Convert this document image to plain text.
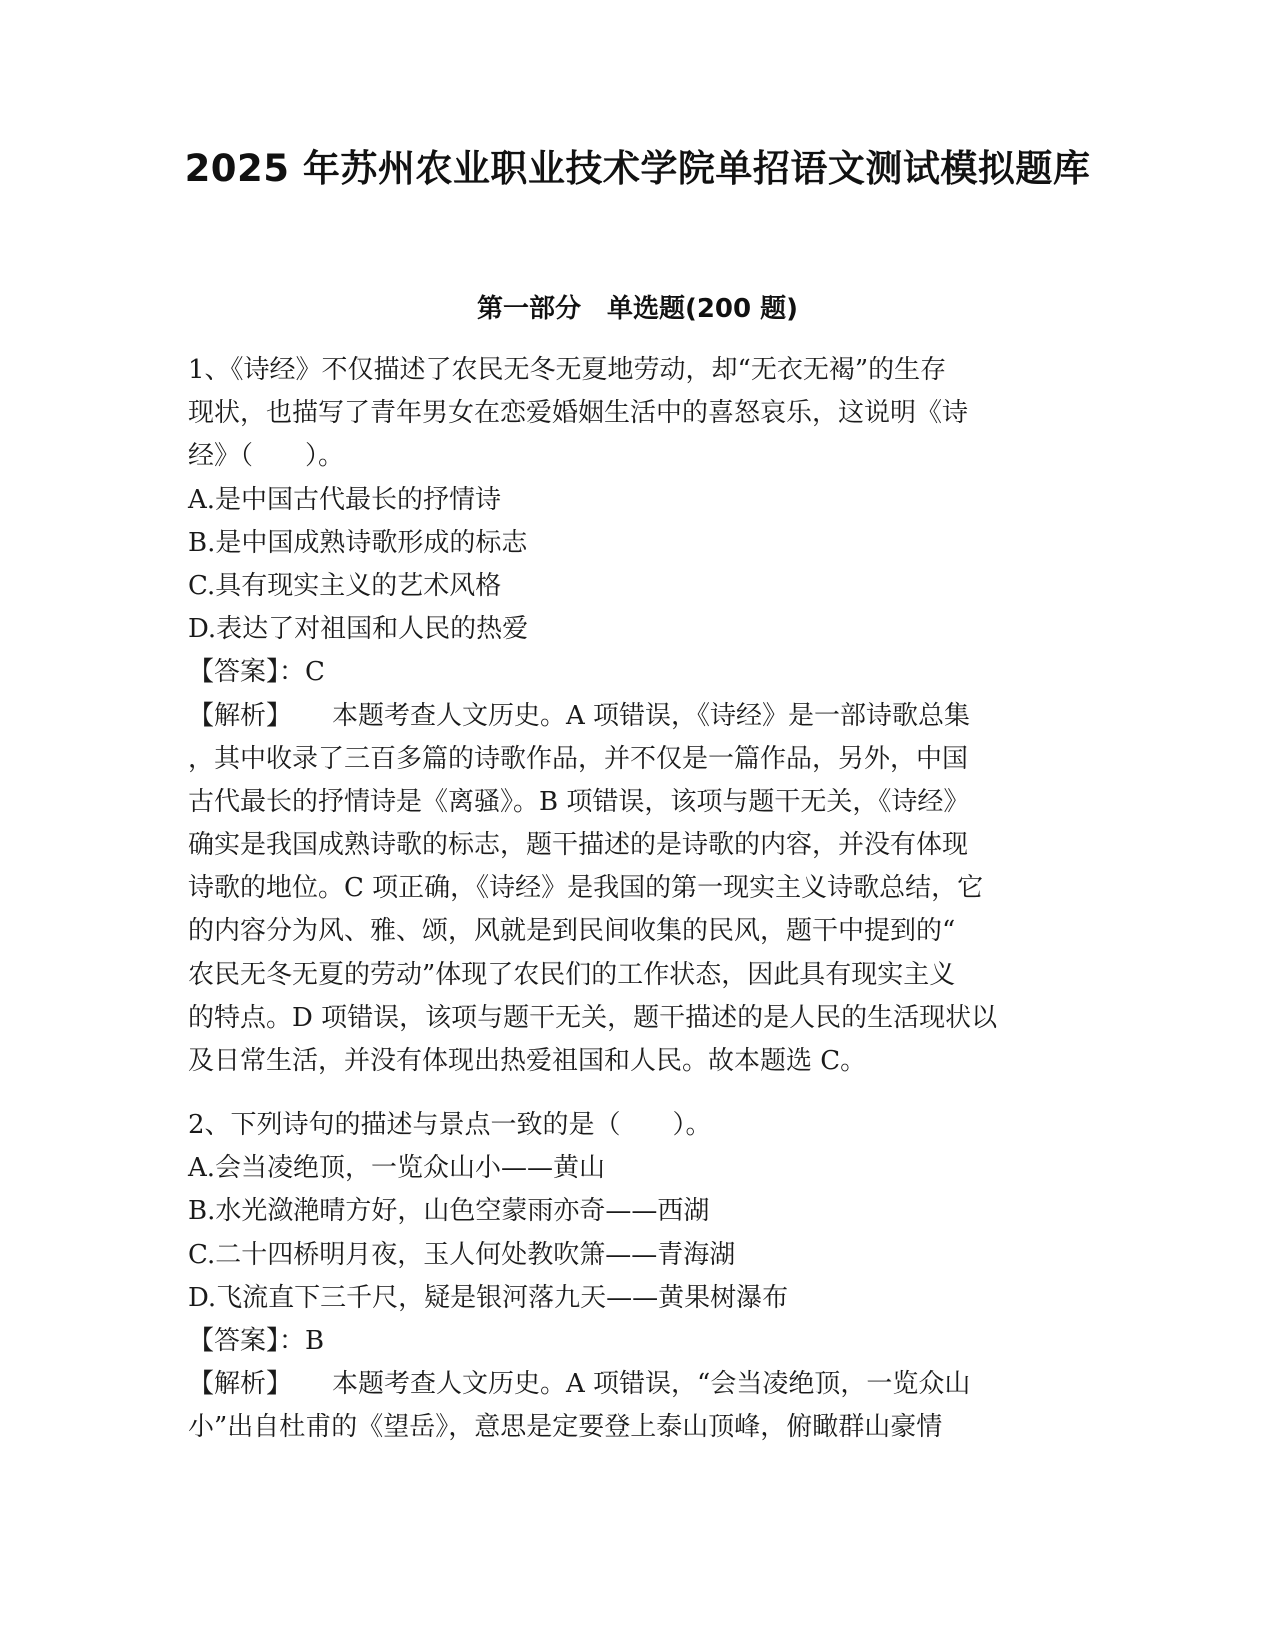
2025 年苏州农业职业技术学院单招语文测试模拟题库
第一部分　单选题(200 题)
1、《诗经》不仅描述了农民无冬无夏地劳动，却“无衣无褐”的生存
现状，也描写了青年男女在恋爱婚姻生活中的喜怒哀乐，这说明《诗
经》（　　）。
A.是中国古代最长的抒情诗
B.是中国成熟诗歌形成的标志
C.具有现实主义的艺术风格
D.表达了对祖国和人民的热爱
【答案】：C
【解析】 本题考查人文历史。A 项错误，《诗经》是一部诗歌总集
，其中收录了三百多篇的诗歌作品，并不仅是一篇作品，另外，中国
古代最长的抒情诗是《离骚》。B 项错误，该项与题干无关，《诗经》
确实是我国成熟诗歌的标志，题干描述的是诗歌的内容，并没有体现
诗歌的地位。C 项正确，《诗经》是我国的第一现实主义诗歌总结，它
的内容分为风、雅、颂，风就是到民间收集的民风，题干中提到的“
农民无冬无夏的劳动”体现了农民们的工作状态，因此具有现实主义
的特点。D 项错误，该项与题干无关，题干描述的是人民的生活现状以
及日常生活，并没有体现出热爱祖国和人民。故本题选 C。
2、下列诗句的描述与景点一致的是（　　）。
A.会当凌绝顶，一览众山小——黄山
B.水光潋滟晴方好，山色空蒙雨亦奇——西湖
C.二十四桥明月夜，玉人何处教吹箫——青海湖
D.飞流直下三千尺，疑是银河落九天——黄果树瀑布
【答案】：B
【解析】 本题考查人文历史。A 项错误，“会当凌绝顶，一览众山
小”出自杜甫的《望岳》，意思是定要登上泰山顶峰，俯瞰群山豪情
